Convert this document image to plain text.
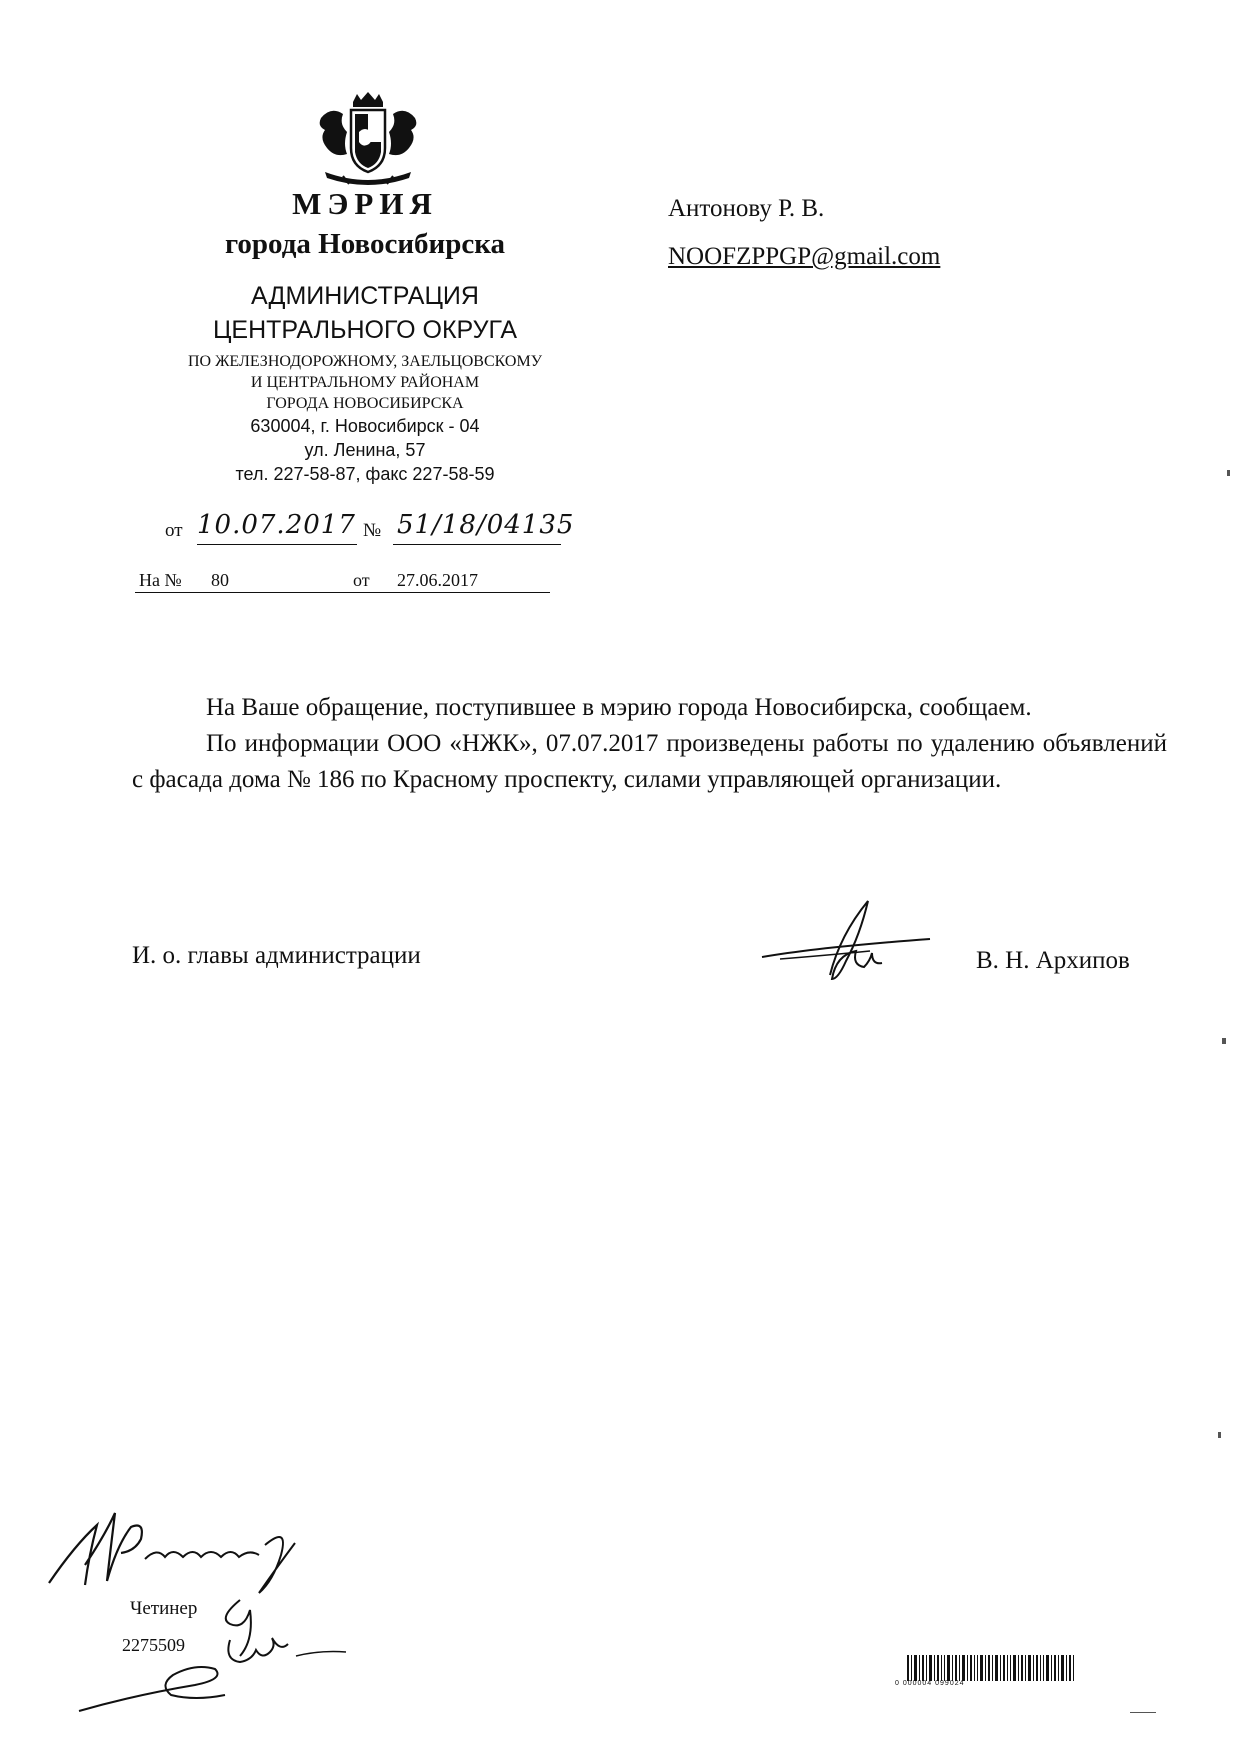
МЭРИЯ
города Новосибирска
АДМИНИСТРАЦИЯ
ЦЕНТРАЛЬНОГО ОКРУГА
ПО ЖЕЛЕЗНОДОРОЖНОМУ, ЗАЕЛЬЦОВСКОМУ
И ЦЕНТРАЛЬНОМУ РАЙОНАМ
ГОРОДА НОВОСИБИРСКА
630004, г. Новосибирск - 04
ул. Ленина, 57
тел. 227-58-87, факс 227-58-59
от 10.07.2017 № 51/18/04135
На № 80	от 27.06.2017
Антонову Р. В.
NOOFZPPGP@gmail.com

На Ваше обращение, поступившее в мэрию города Новосибирска, сообщаем.

По информации ООО «НЖК», 07.07.2017 произведены работы по удалению объявлений с фасада дома № 186 по Красному проспекту, силами управляющей организации.

И. о. главы администрации	В. Н. Архипов
Четинер
2275509
0 000004 099024
